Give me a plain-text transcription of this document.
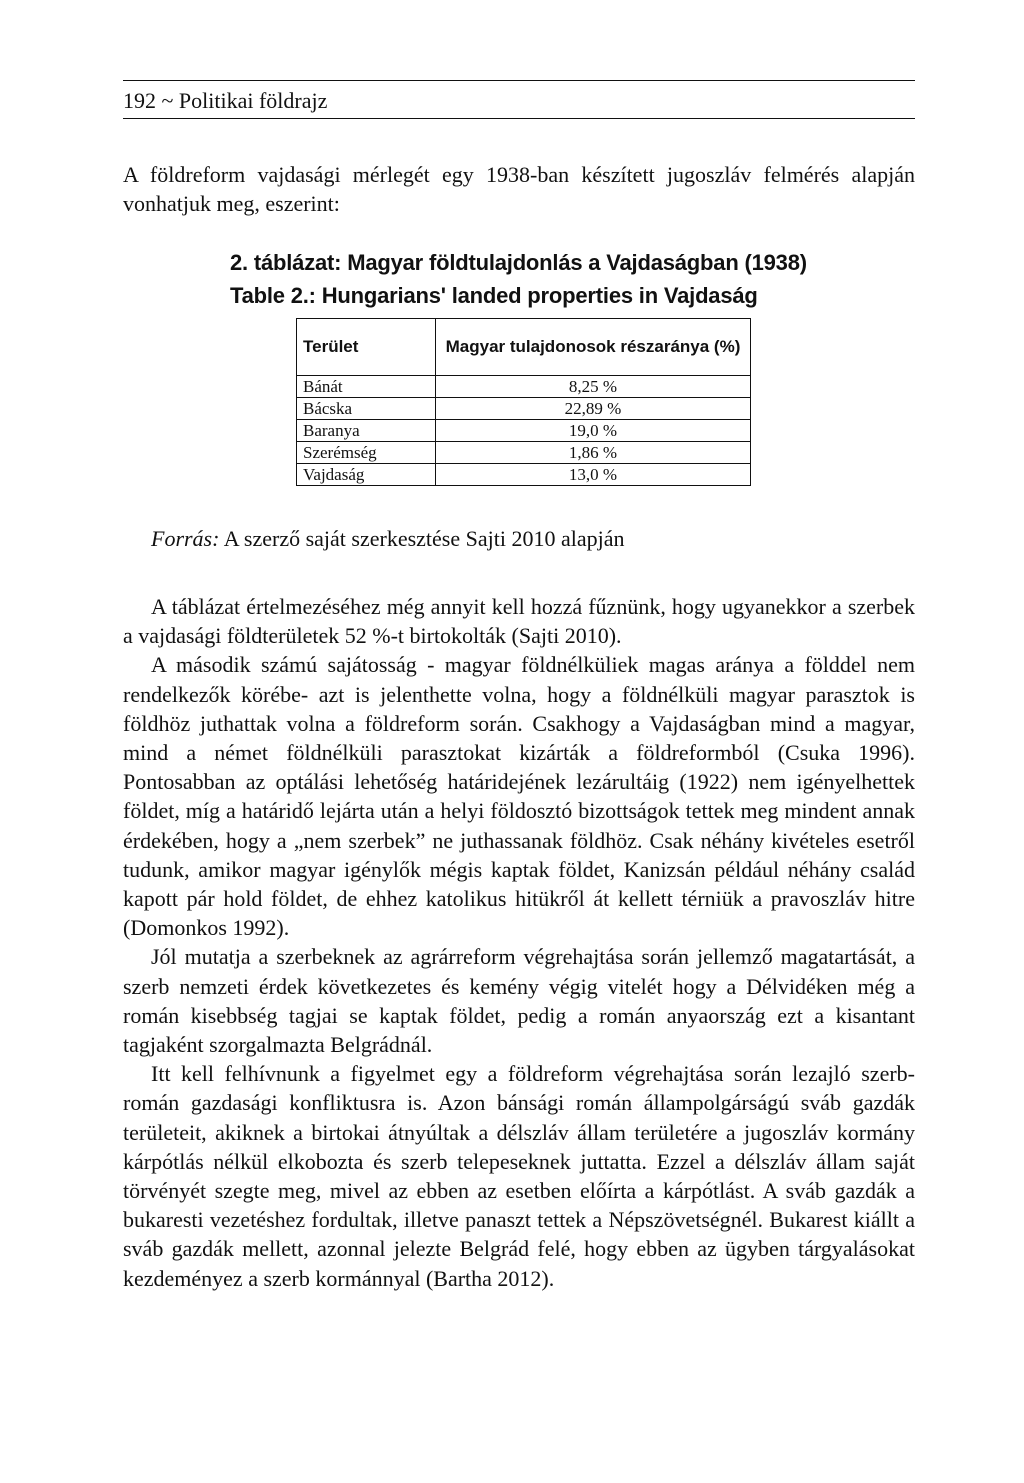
192 ~ Politikai földrajz
A földreform vajdasági mérlegét egy 1938-ban készített jugoszláv felmérés alapján vonhatjuk meg, eszerint:
2. táblázat: Magyar földtulajdonlás a Vajdaságban (1938)
Table 2.: Hungarians' landed properties in Vajdaság
Terület	Magyar tulajdonosok részaránya (%)
Bánát	8,25 %
Bácska	22,89 %
Baranya	19,0 %
Szerémség	1,86 %
Vajdaság	13,0 %
Forrás: A szerző saját szerkesztése Sajti 2010 alapján

A táblázat értelmezéséhez még annyit kell hozzá fűznünk, hogy ugyanekkor a szerbek a vajdasági földterületek 52 %-t birtokolták (Sajti 2010).

A második számú sajátosság - magyar földnélküliek magas aránya a földdel nem rendelkezők körébe- azt is jelenthette volna, hogy a földnélküli magyar parasztok is földhöz juthattak volna a földreform során. Csakhogy a Vajdaságban mind a magyar, mind a német földnélküli parasztokat kizárták a földreformból (Csuka 1996). Pontosabban az optálási lehetőség határidejének lezárultáig (1922) nem igényelhettek földet, míg a határidő lejárta után a helyi földosztó bizottságok tettek meg mindent annak érdekében, hogy a „nem szerbek” ne juthassanak földhöz. Csak néhány kivételes esetről tudunk, amikor magyar igénylők mégis kaptak földet, Kanizsán például néhány család kapott pár hold földet, de ehhez katolikus hitükről át kellett térniük a pravoszláv hitre (Domonkos 1992).

Jól mutatja a szerbeknek az agrárreform végrehajtása során jellemző magatartását, a szerb nemzeti érdek következetes és kemény végig vitelét hogy a Délvidéken még a román kisebbség tagjai se kaptak földet, pedig a román anyaország ezt a kisantant tagjaként szorgalmazta Belgrádnál.

Itt kell felhívnunk a figyelmet egy a földreform végrehajtása során lezajló szerb-román gazdasági konfliktusra is. Azon bánsági román állampolgárságú sváb gazdák területeit, akiknek a birtokai átnyúltak a délszláv állam területére a jugoszláv kormány kárpótlás nélkül elkobozta és szerb telepeseknek juttatta. Ezzel a délszláv állam saját törvényét szegte meg, mivel az ebben az esetben előírta a kárpótlást. A sváb gazdák a bukaresti vezetéshez fordultak, illetve panaszt tettek a Népszövetségnél. Bukarest kiállt a sváb gazdák mellett, azonnal jelezte Belgrád felé, hogy ebben az ügyben tárgyalásokat kezdeményez a szerb kormánnyal (Bartha 2012).
